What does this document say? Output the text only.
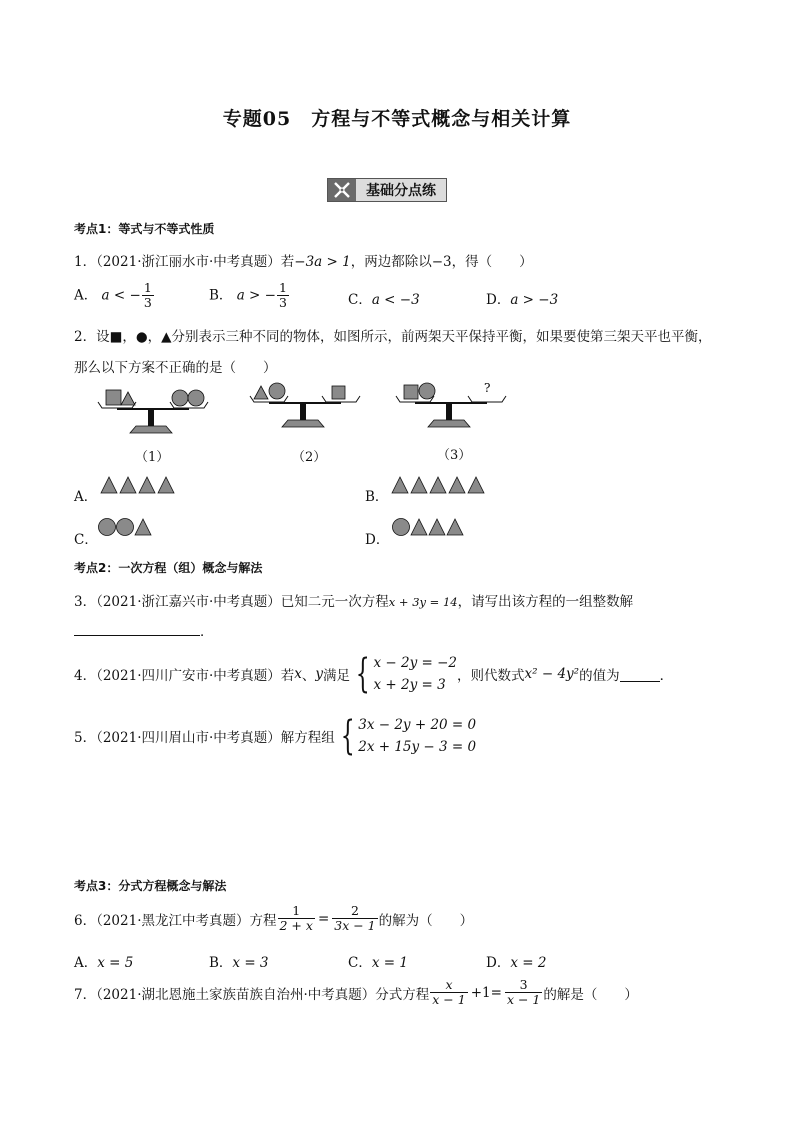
专题05　方程与不等式概念与相关计算
基础分点练
考点1：等式与不等式性质
1．（2021·浙江丽水市·中考真题）若−3a > 1，两边都除以−3，得（　　）
A． a < − $\frac{1}{3}$	B． a > − $\frac{1}{3}$	C．a < −3	D．a > −3
2．设■，●，▲分别表示三种不同的物体，如图所示，前两架天平保持平衡，如果要使第三架天平也平衡，
那么以下方案不正确的是（　　）
?
（1）	（2）	（3）
A．	B．
C．	D．
考点2：一次方程（组）概念与解法
3．（2021·浙江嘉兴市·中考真题）已知二元一次方程x + 3y = 14，请写出该方程的一组整数解
．
4．（2021·四川广安市·中考真题）若 x 、 y 满足 { x − 2y = −2
x + 2y = 3
，则代数式 x² − 4y² 的值为	．
5．（2021·四川眉山市·中考真题）解方程组 { 3x − 2y + 20 = 0
2x + 15y − 3 = 0
考点3：分式方程概念与解法
6．（2021·黑龙江中考真题）方程 $\frac{1}{2 + x} = \frac{2}{3x - 1}$ 的解为（　　）
A．x = 5	B．x = 3	C．x = 1	D．x = 2
7．（2021·湖北恩施土家族苗族自治州·中考真题）分式方程 $\frac{x}{x - 1} +1= \frac{3}{x - 1}$ 的解是（　　）
